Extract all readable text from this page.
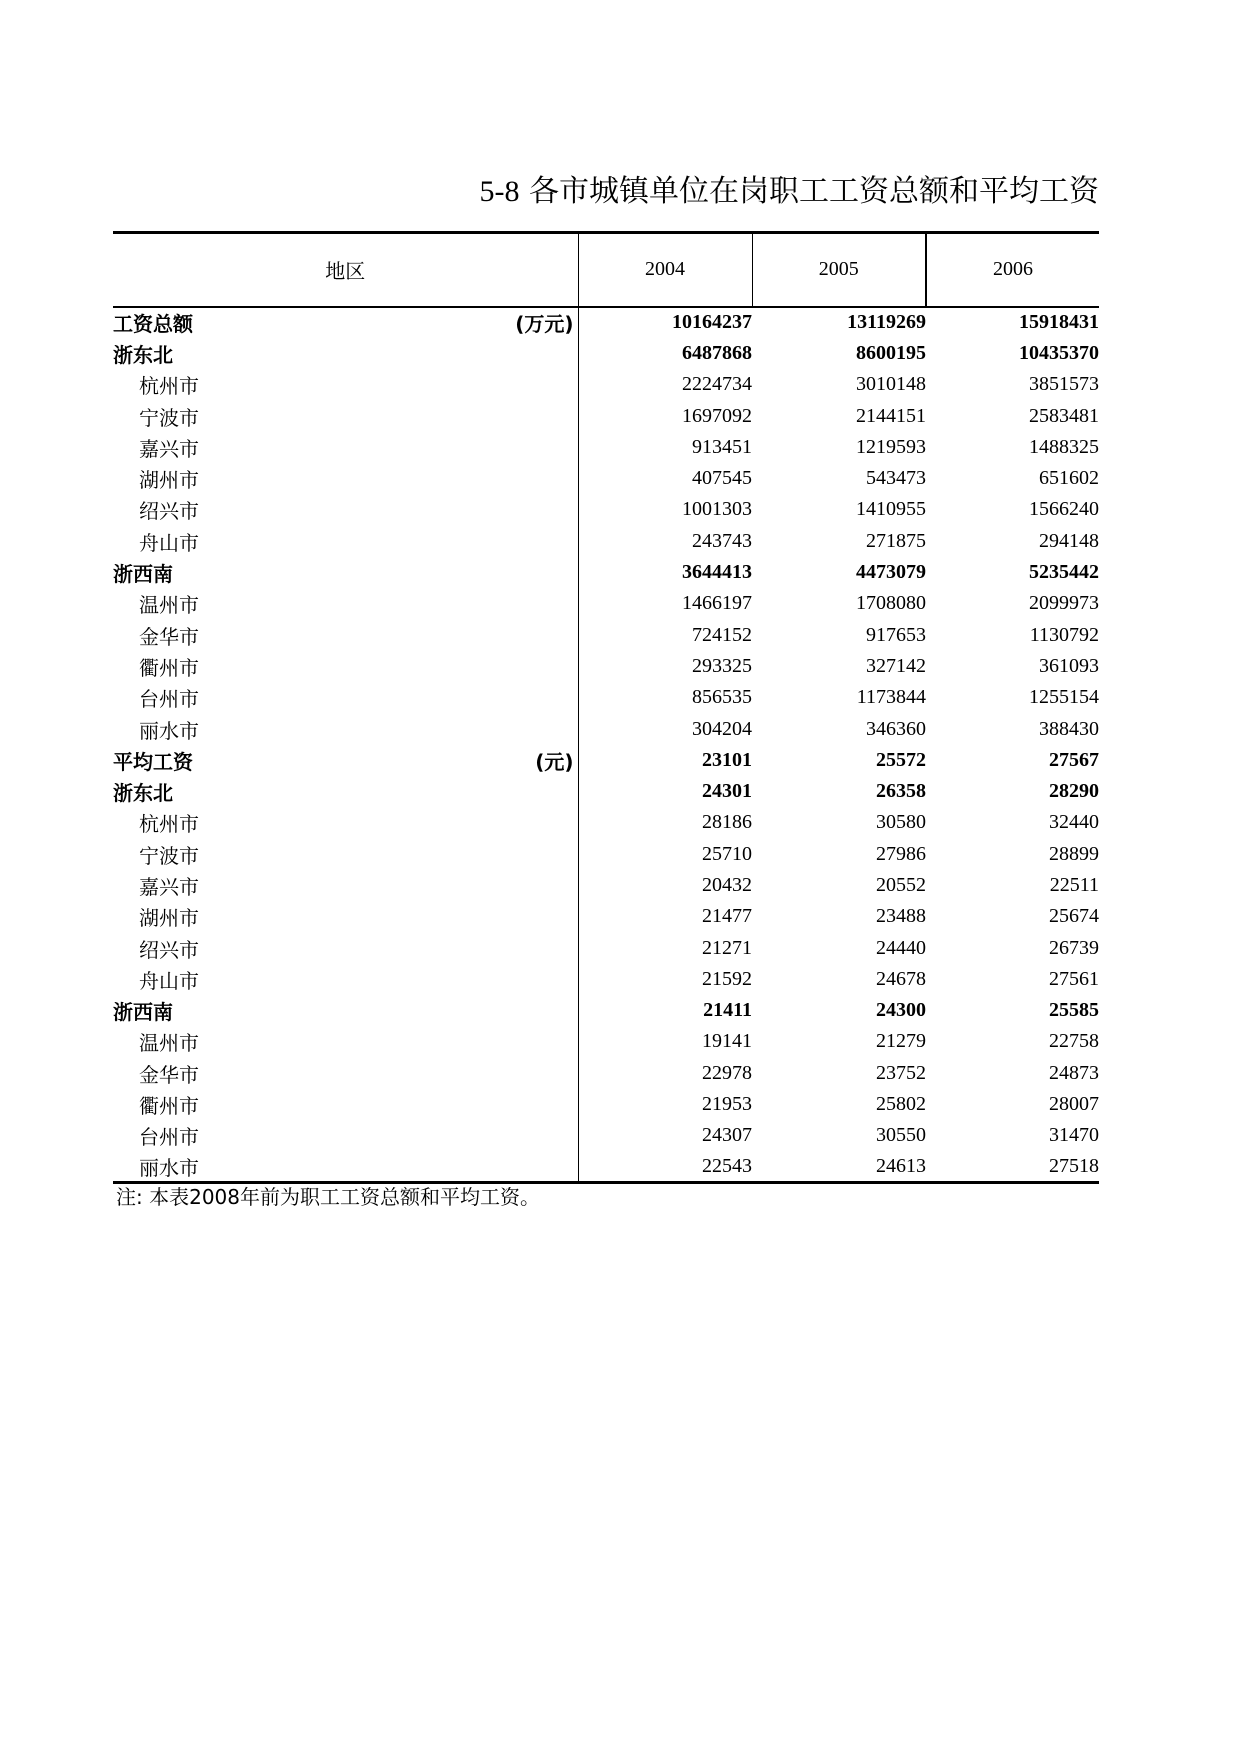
5-8 各市城镇单位在岗职工工资总额和平均工资
地区	2004	2005	2006

工资总额 (万元)	10164237	13119269	15918431

浙东北	6487868	8600195	10435370

杭州市	2224734	3010148	3851573

宁波市	1697092	2144151	2583481

嘉兴市	913451	1219593	1488325

湖州市	407545	543473	651602

绍兴市	1001303	1410955	1566240

舟山市	243743	271875	294148

浙西南	3644413	4473079	5235442

温州市	1466197	1708080	2099973

金华市	724152	917653	1130792

衢州市	293325	327142	361093

台州市	856535	1173844	1255154

丽水市	304204	346360	388430

平均工资 (元)	23101	25572	27567

浙东北	24301	26358	28290

杭州市	28186	30580	32440

宁波市	25710	27986	28899

嘉兴市	20432	20552	22511

湖州市	21477	23488	25674

绍兴市	21271	24440	26739

舟山市	21592	24678	27561

浙西南	21411	24300	25585

温州市	19141	21279	22758

金华市	22978	23752	24873

衢州市	21953	25802	28007

台州市	24307	30550	31470

丽水市	22543	24613	27518
注: 本表2008年前为职工工资总额和平均工资。
